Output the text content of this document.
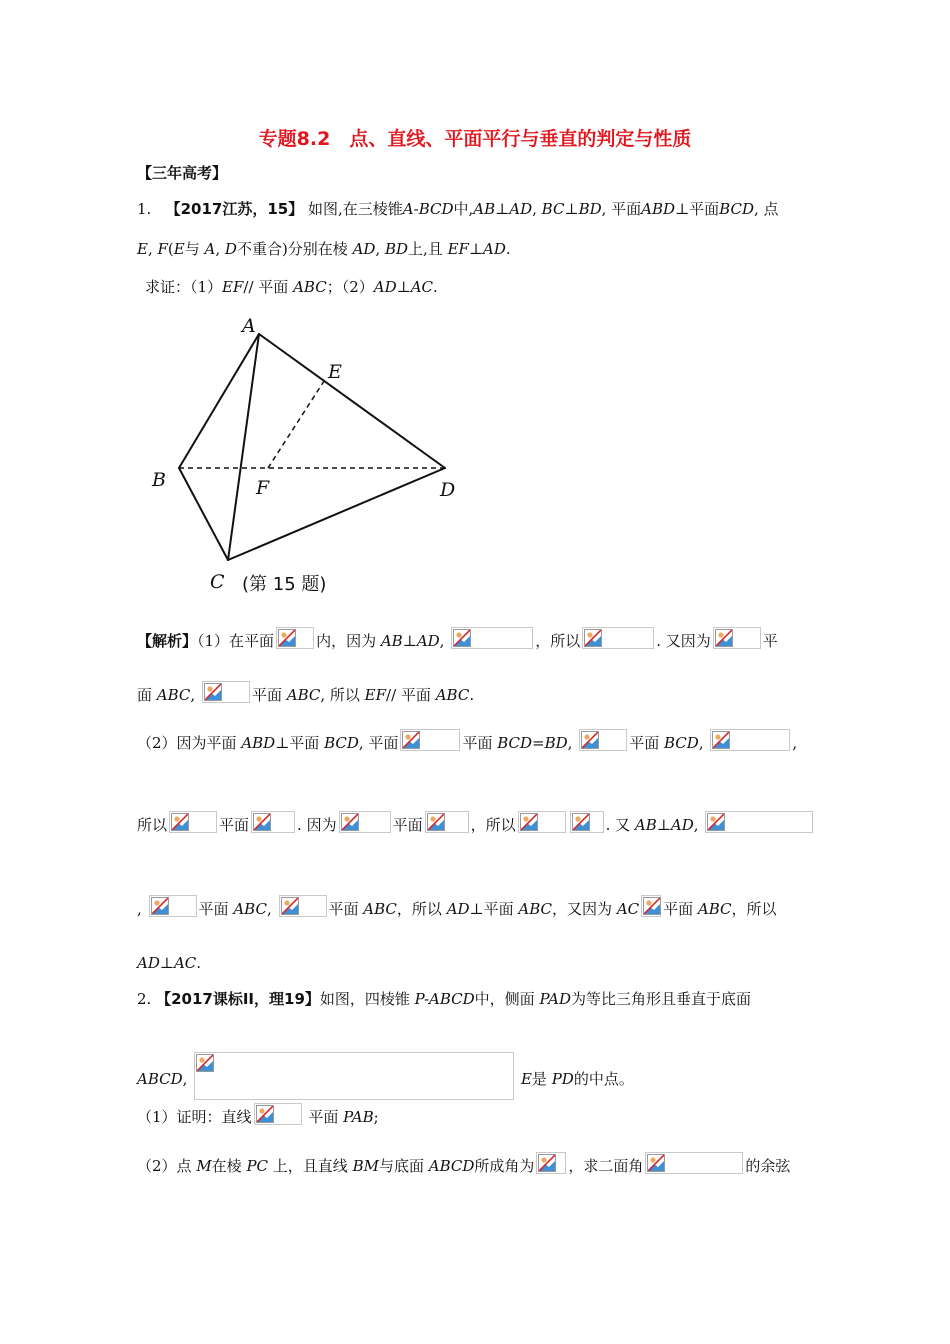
专题8.2　点、直线、平面平行与垂直的判定与性质
【三年高考】
1. 【2017江苏，15】 如图,在三棱锥A-BCD中,AB⊥AD, BC⊥BD, 平面ABD⊥平面BCD, 点
E, F(E与 A, D不重合)分别在棱 AD, BD上,且 EF⊥AD.
求证：（1）EF// 平面 ABC；（2）AD⊥AC.
A
B
C
D
E
F
(第 15 题)
【解析】（1）在平面	内，因为 AB⊥AD,	，所以	. 又因为	平
面 ABC,	平面 ABC, 所以 EF// 平面 ABC.
（2）因为平面 ABD⊥平面 BCD, 平面	平面 BCD=BD,	平面 BCD,	,
所以	平面	. 因为	平面	，所以	. 又 AB⊥AD,
,	平面 ABC,	平面 ABC，所以 AD⊥平面 ABC，又因为 AC 平面 ABC，所以
AD⊥AC.
2. 【2017课标II，理19】如图，四棱锥 P-ABCD中，侧面 PAD为等比三角形且垂直于底面
ABCD,	E是 PD的中点。
（1）证明：直线	平面 PAB;
（2）点 M在棱 PC 上，且直线 BM与底面 ABCD所成角为 ，求二面角	的余弦
